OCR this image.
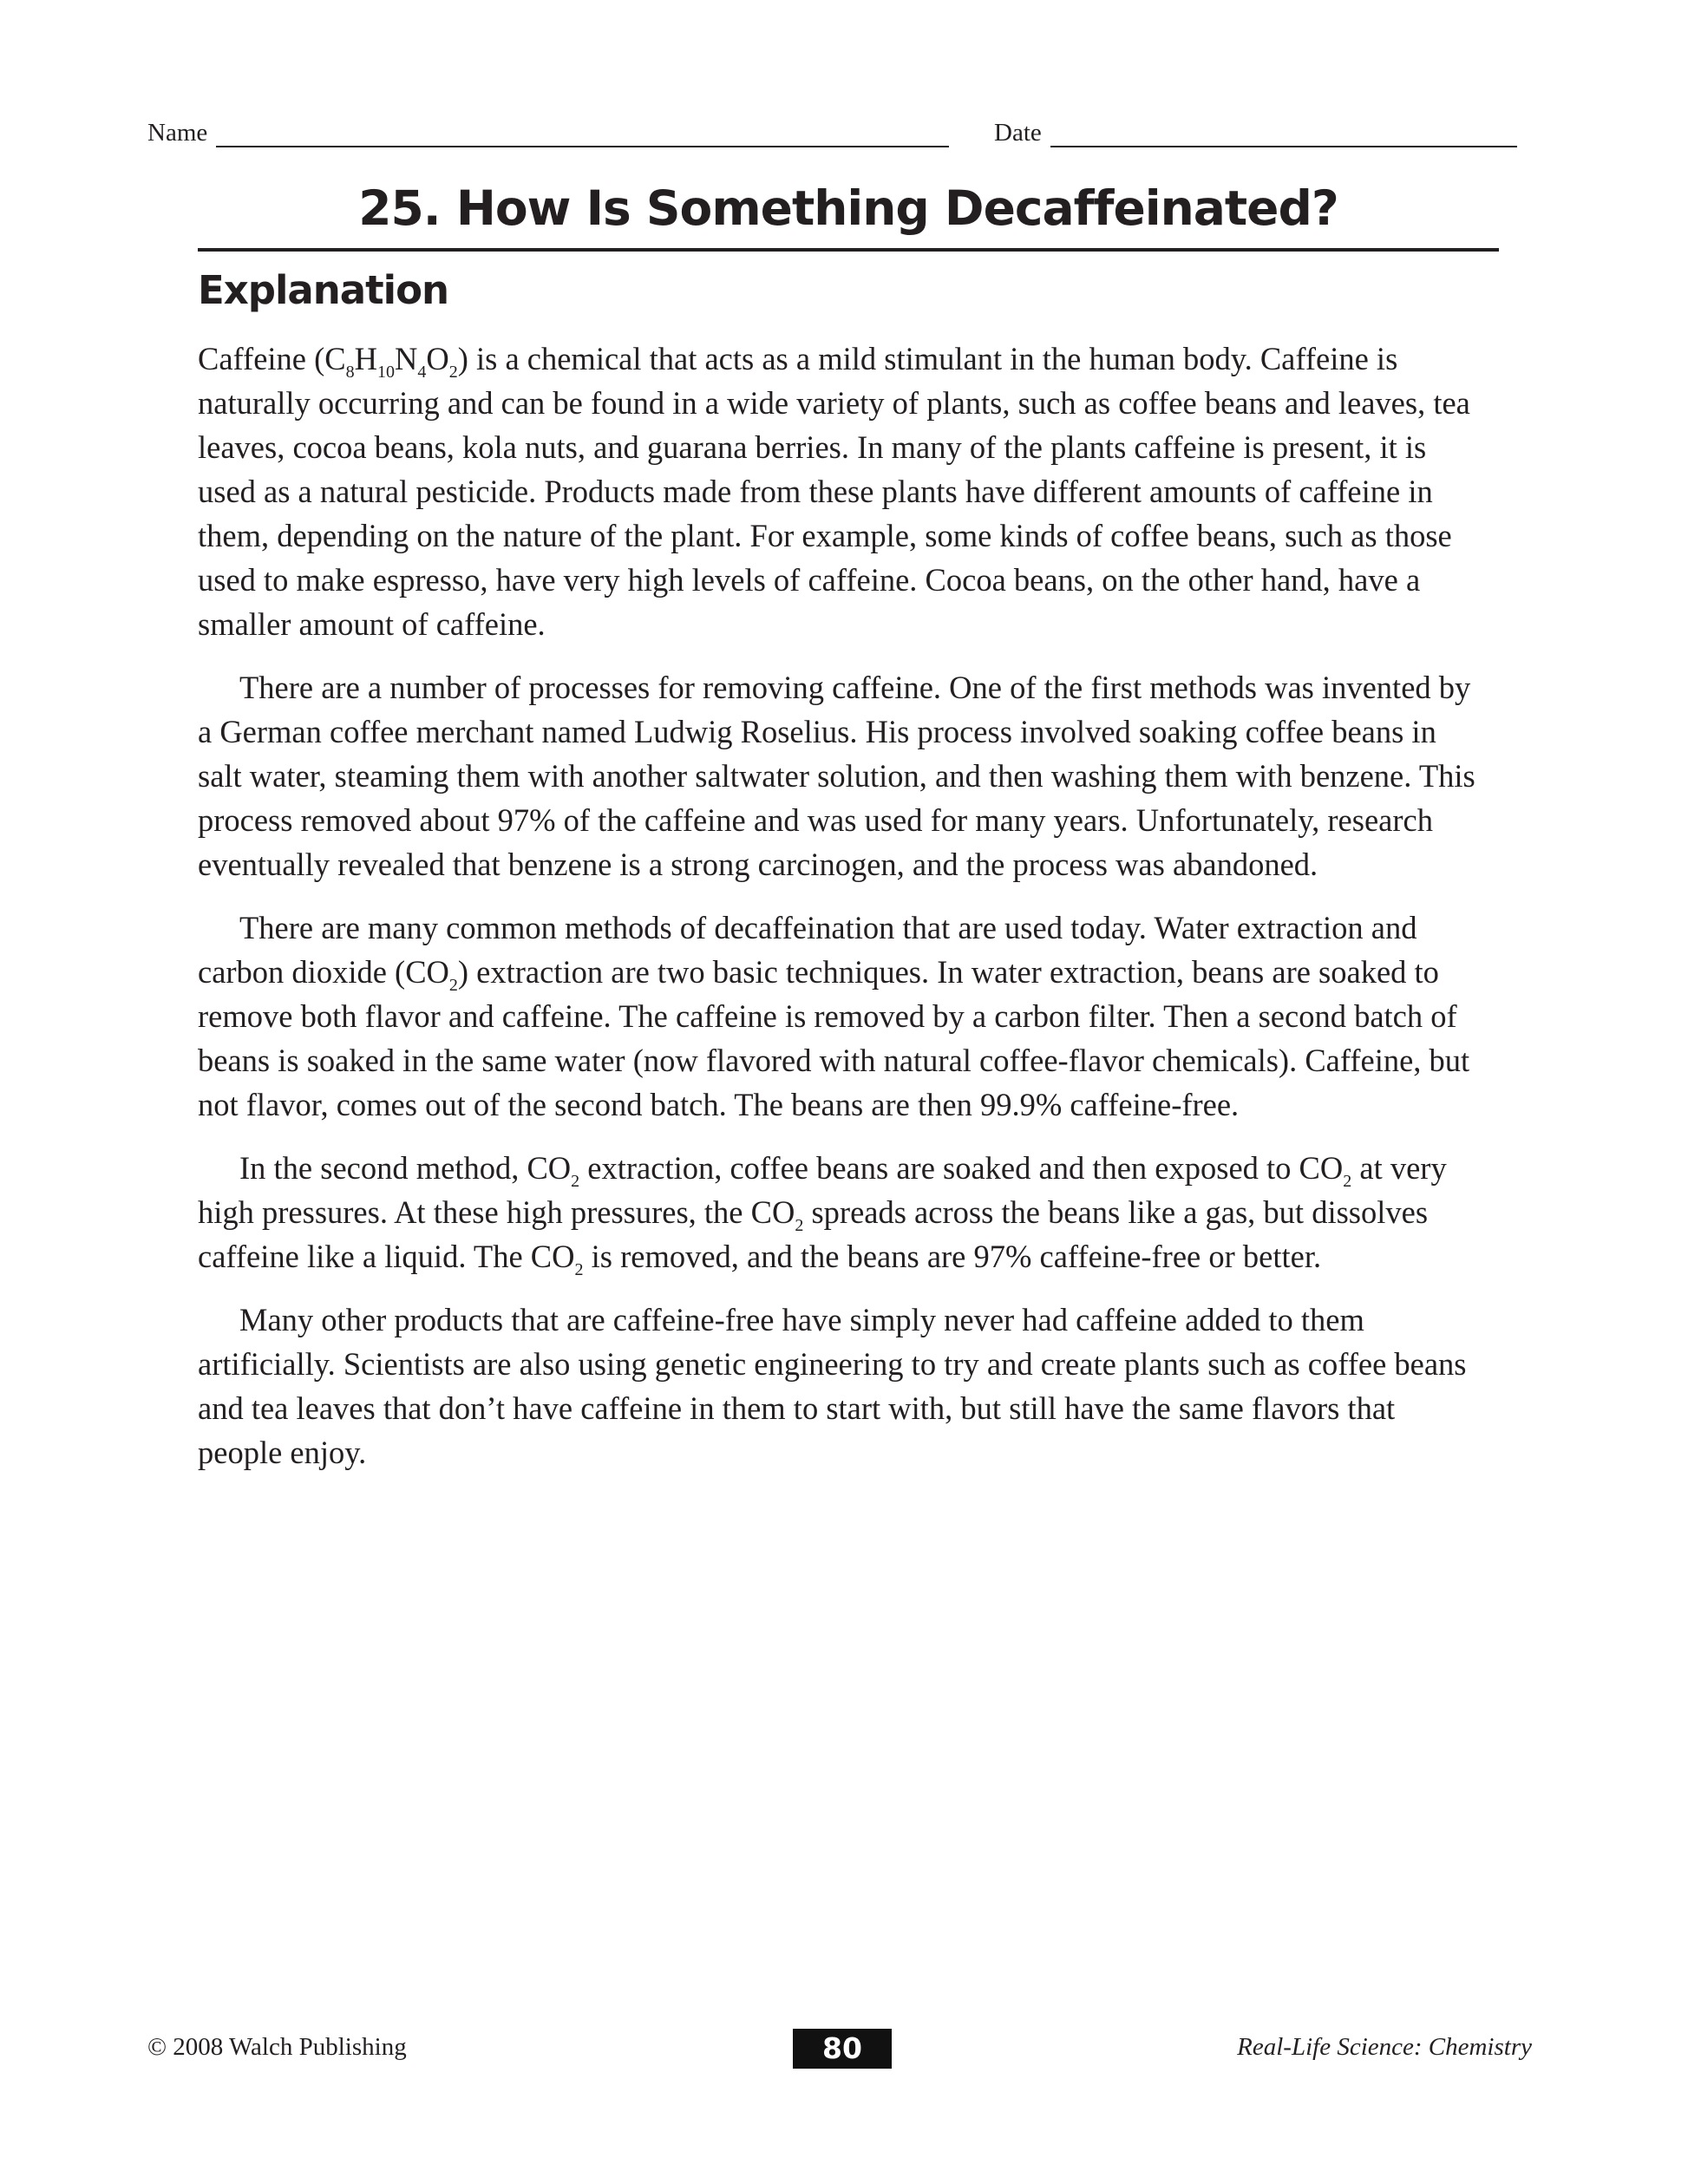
Name	Date
25. How Is Something Decaffeinated?
Explanation

Caffeine $(C_8H_{10}N_4O_2)$ is a chemical that acts as a mild stimulant in the human body. Caffeine is naturally occurring and can be found in a wide variety of plants, such as coffee beans and leaves, tea leaves, cocoa beans, kola nuts, and guarana berries. In many of the plants caffeine is present, it is used as a natural pesticide. Products made from these plants have different amounts of caffeine in them, depending on the nature of the plant. For example, some kinds of coffee beans, such as those used to make espresso, have very high levels of caffeine. Cocoa beans, on the other hand, have a smaller amount of caffeine.

There are a number of processes for removing caffeine. One of the first methods was invented by a German coffee merchant named Ludwig Roselius. His process involved soaking coffee beans in salt water, steaming them with another saltwater solution, and then washing them with benzene. This process removed about 97% of the caffeine and was used for many years. Unfortunately, research eventually revealed that benzene is a strong carcinogen, and the process was abandoned.

There are many common methods of decaffeination that are used today. Water extraction and carbon dioxide $(CO_2)$ extraction are two basic techniques. In water extraction, beans are soaked to remove both flavor and caffeine. The caffeine is removed by a carbon filter. Then a second batch of beans is soaked in the same water (now flavored with natural coffee-flavor chemicals). Caffeine, but not flavor, comes out of the second batch. The beans are then 99.9% caffeine-free.

In the second method, $CO_2$ extraction, coffee beans are soaked and then exposed to $CO_2$ at very high pressures. At these high pressures, the $CO_2$ spreads across the beans like a gas, but dissolves caffeine like a liquid. The $CO_2$ is removed, and the beans are 97% caffeine-free or better.

Many other products that are caffeine-free have simply never had caffeine added to them artificially. Scientists are also using genetic engineering to try and create plants such as coffee beans and tea leaves that don’t have caffeine in them to start with, but still have the same flavors that people enjoy.

© 2008 Walch Publishing	80	Real-Life Science: Chemistry
